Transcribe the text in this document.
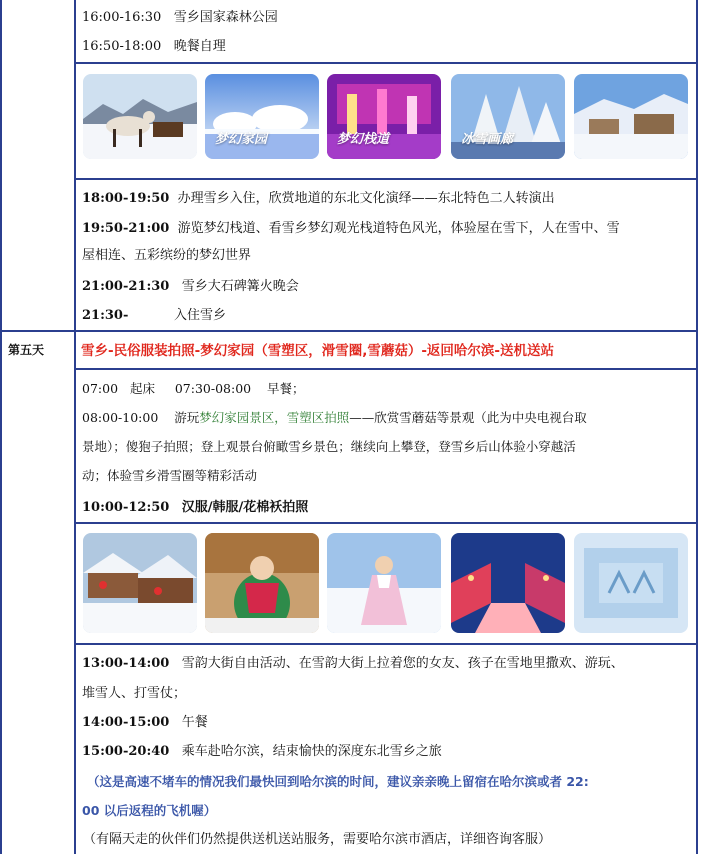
第五天
16:00-16:30 雪乡国家森林公园
16:50-18:00 晚餐自理
梦幻家园	梦幻栈道	冰雪画廊
18:00-19:50 办理雪乡入住，欣赏地道的东北文化演绎——东北特色二人转演出
19:50-21:00 游览梦幻栈道、看雪乡梦幻观光栈道特色风光，体验屋在雪下，人在雪中、雪
屋相连、五彩缤纷的梦幻世界
21:00-21:30 雪乡大石碑篝火晚会
21:30-	入住雪乡
雪乡-民俗服装拍照-梦幻家园（雪塑区，滑雪圈,雪蘑菇）-返回哈尔滨-送机送站
07:00 起床 07:30-08:00 早餐；
08:00-10:00 游玩梦幻家园景区，雪塑区拍照——欣赏雪蘑菇等景观（此为中央电视台取
景地）；傻狍子拍照；登上观景台俯瞰雪乡景色；继续向上攀登，登雪乡后山体验小穿越活
动；体验雪乡滑雪圈等精彩活动
10:00-12:50 汉服/韩服/花棉袄拍照
13:00-14:00 雪韵大街自由活动、在雪韵大街上拉着您的女友、孩子在雪地里撒欢、游玩、
堆雪人、打雪仗；
14:00-15:00 午餐
15:00-20:40 乘车赴哈尔滨，结束愉快的深度东北雪乡之旅
（这是高速不堵车的情况我们最快回到哈尔滨的时间，建议亲亲晚上留宿在哈尔滨或者 22:
00 以后返程的飞机喔）
（有隔天走的伙伴们仍然提供送机送站服务，需要哈尔滨市酒店，详细咨询客服）
